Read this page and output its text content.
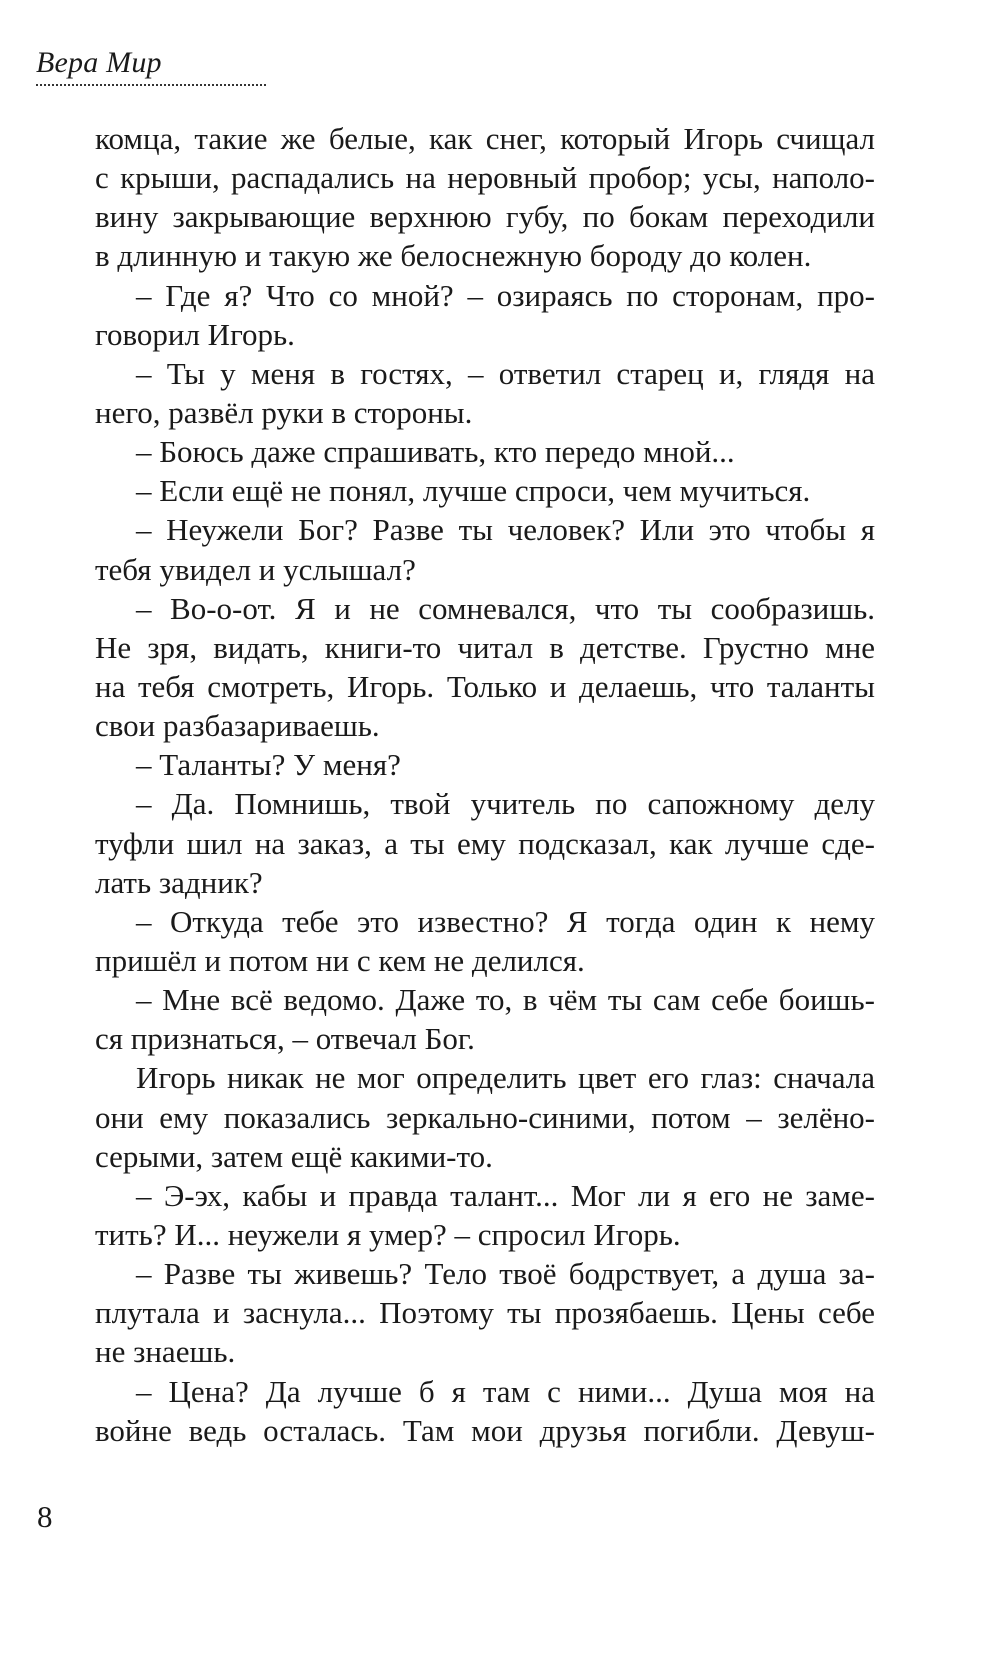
Вера Мир
комца, такие же белые, как снег, который Игорь счищал
с крыши, распадались на неровный пробор; усы, наполо-
вину закрывающие верхнюю губу, по бокам переходили
в длинную и такую же белоснежную бороду до колен.
– Где я? Что со мной? – озираясь по сторонам, про-
говорил Игорь.
– Ты у меня в гостях, – ответил старец и, глядя на
него, развёл руки в стороны.
– Боюсь даже спрашивать, кто передо мной...
– Если ещё не понял, лучше спроси, чем мучиться.
– Неужели Бог? Разве ты человек? Или это чтобы я
тебя увидел и услышал?
– Во-о-от. Я и не сомневался, что ты сообразишь.
Не зря, видать, книги-то читал в детстве. Грустно мне
на тебя смотреть, Игорь. Только и делаешь, что таланты
свои разбазариваешь.
– Таланты? У меня?
– Да. Помнишь, твой учитель по сапожному делу
туфли шил на заказ, а ты ему подсказал, как лучше сде-
лать задник?
– Откуда тебе это известно? Я тогда один к нему
пришёл и потом ни с кем не делился.
– Мне всё ведомо. Даже то, в чём ты сам себе боишь-
ся признаться, – отвечал Бог.
Игорь никак не мог определить цвет его глаз: сначала
они ему показались зеркально-синими, потом – зелёно-
серыми, затем ещё какими-то.
– Э-эх, кабы и правда талант... Мог ли я его не заме-
тить? И... неужели я умер? – спросил Игорь.
– Разве ты живешь? Тело твоё бодрствует, а душа за-
плутала и заснула... Поэтому ты прозябаешь. Цены себе
не знаешь.
– Цена? Да лучше б я там с ними... Душа моя на
войне ведь осталась. Там мои друзья погибли. Девуш-
8
